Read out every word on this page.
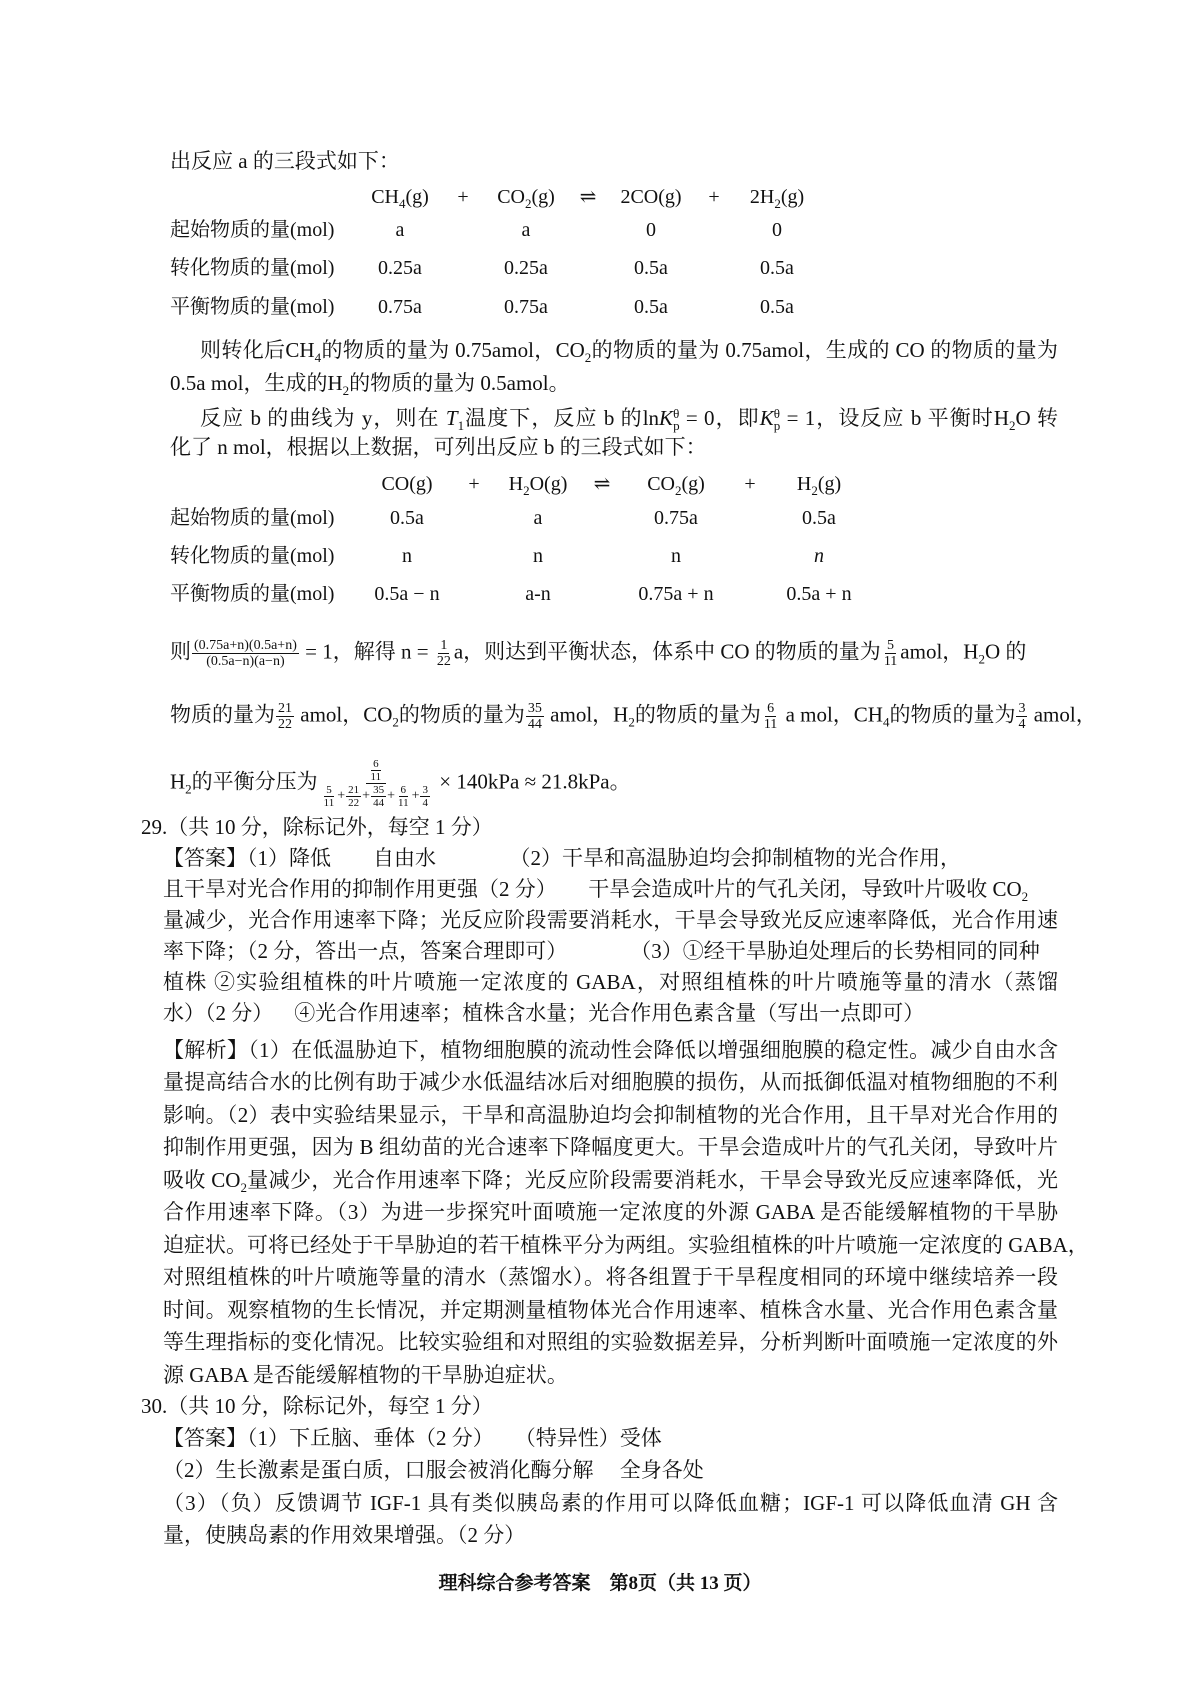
出反应 a 的三段式如下：
$CH_4(g) + CO_2(g)$ ⇌ $2CO(g) + 2H_2(g)$
起始物质的量(mol)	a	a	0	0
转化物质的量(mol) 0.25a	0.25a	0.5a	0.5a
平衡物质的量(mol) 0.75a	0.75a	0.5a	0.5a
则转化后$CH_4$的物质的量为 0.75amol，$CO_2$的物质的量为 0.75amol，生成的 CO 的物质的量为
0.5a mol，生成的$H_2$的物质的量为 0.5amol。
反应 b 的曲线为 y，则在 $T_1$温度下，反应 b 的lnK θ
p = 0，即K θ
p = 1，设反应 b 平衡时$H_2O$ 转
化了 n mol，根据以上数据，可列出反应 b 的三段式如下：
$CO(g) + H_2O(g)$ ⇌ $CO_2(g) + H_2(g)$
起始物质的量(mol)	0.5a	a	0.75a	0.5a
转化物质的量(mol)	n	n	n	n
平衡物质的量(mol) 0.5a − n	a-n	0.75a + n	0.5a + n
则 $\frac{(0.75a+n)(0.5a+n)}{(0.5a-n)(a-n)} = 1$，解得 $n = \frac{1}{22}$ a，则达到平衡状态，体系中 CO 的物质的量为 $\frac{5}{11}$ amol，$H_2O$ 的
物质的量为 $\frac{21}{22}$ amol，$CO_2$的物质的量为 $\frac{35}{44}$ amol，$H_2$的物质的量为 $\frac{6}{11}$ a mol，$CH_4$的物质的量为 $\frac{3}{4}$ amol，
$H_2$的平衡分压为 $\frac{\frac{6}{11}}{\frac{5}{11} + \frac{21}{22} + \frac{35}{44} + \frac{6}{11} + \frac{3}{4}} \times 140kPa \approx 21.8kPa$。
29.（共 10 分，除标记外，每空 1 分）
【答案】（1）降低        自由水              （2）干旱和高温胁迫均会抑制植物的光合作用，
且干旱对光合作用的抑制作用更强（2 分）      干旱会造成叶片的气孔关闭，导致叶片吸收 $CO_2$
量减少，光合作用速率下降；光反应阶段需要消耗水，干旱会导致光反应速率降低，光合作用速
率下降；（2 分，答出一点，答案合理即可）            （3）①经干旱胁迫处理后的长势相同的同种
植株 ②实验组植株的叶片喷施一定浓度的 GABA，对照组植株的叶片喷施等量的清水（蒸馏
水）（2 分）    ④光合作用速率；植株含水量；光合作用色素含量（写出一点即可）
【解析】（1）在低温胁迫下，植物细胞膜的流动性会降低以增强细胞膜的稳定性。减少自由水含
量提高结合水的比例有助于减少水低温结冰后对细胞膜的损伤，从而抵御低温对植物细胞的不利
影响。（2）表中实验结果显示，干旱和高温胁迫均会抑制植物的光合作用，且干旱对光合作用的
抑制作用更强，因为 B 组幼苗的光合速率下降幅度更大。干旱会造成叶片的气孔关闭，导致叶片
吸收 $CO_2$量减少，光合作用速率下降；光反应阶段需要消耗水，干旱会导致光反应速率降低，光
合作用速率下降。（3）为进一步探究叶面喷施一定浓度的外源 GABA 是否能缓解植物的干旱胁
迫症状。可将已经处于干旱胁迫的若干植株平分为两组。实验组植株的叶片喷施一定浓度的 GABA，
对照组植株的叶片喷施等量的清水（蒸馏水）。将各组置于干旱程度相同的环境中继续培养一段
时间。观察植物的生长情况，并定期测量植物体光合作用速率、植株含水量、光合作用色素含量
等生理指标的变化情况。比较实验组和对照组的实验数据差异，分析判断叶面喷施一定浓度的外
源 GABA 是否能缓解植物的干旱胁迫症状。
30.（共 10 分，除标记外，每空 1 分）
【答案】（1）下丘脑、垂体（2 分）    （特异性）受体
（2）生长激素是蛋白质，口服会被消化酶分解     全身各处
（3）（负）反馈调节 IGF-1 具有类似胰岛素的作用可以降低血糖；IGF-1 可以降低血清 GH 含
量，使胰岛素的作用效果增强。（2 分）
理科综合参考答案　第8页（共 13 页）
